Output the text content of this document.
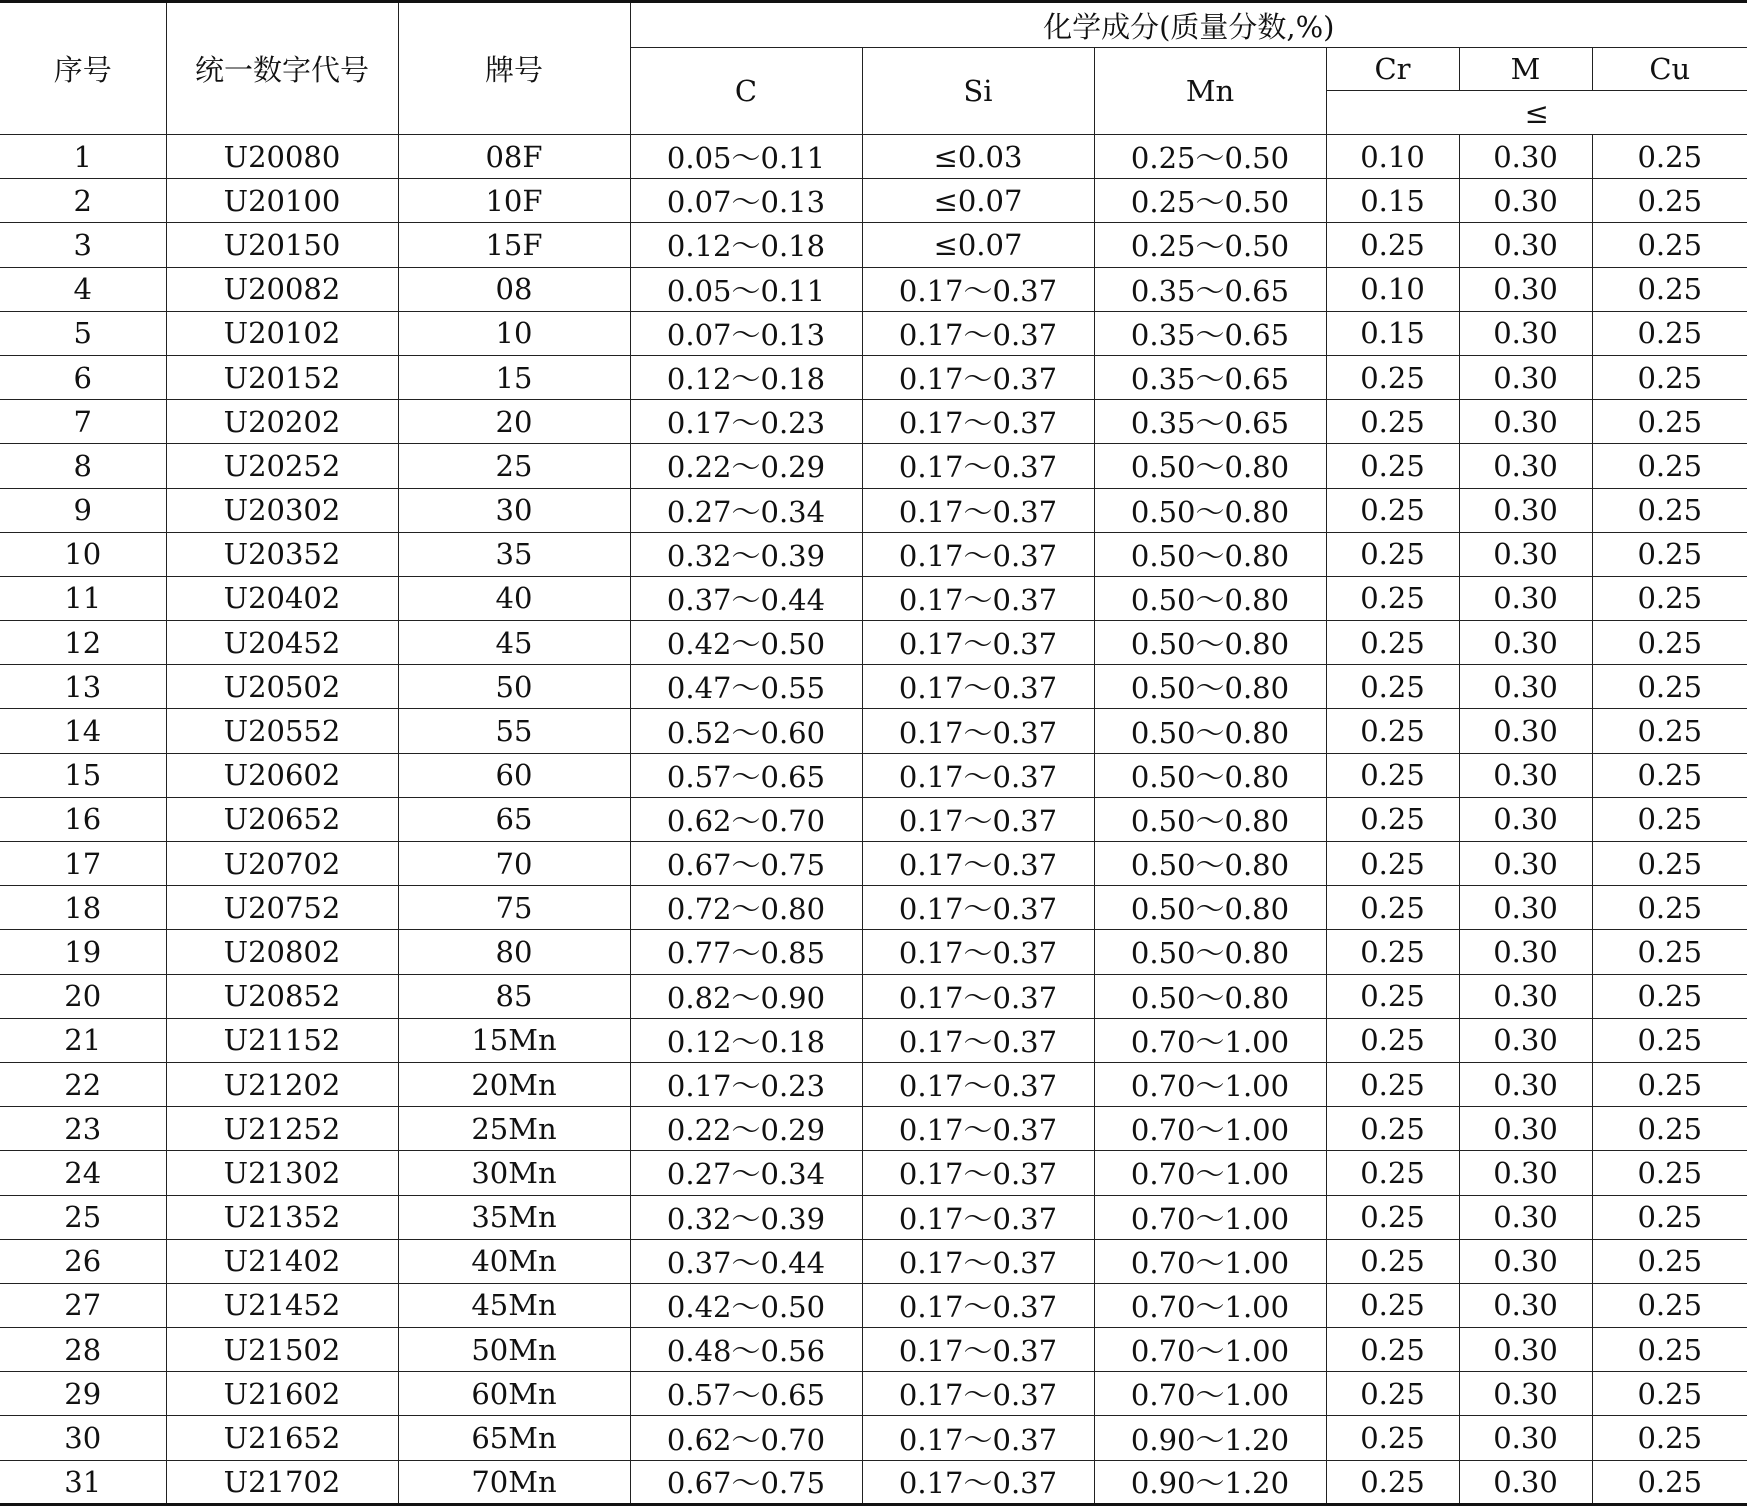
序号	统一数字代号	牌号	化学成分(质量分数,%)					
			C	Si	Mn	Cr	M	Cu
						≤		
1	U20080	08F	0.05～0.11	≤0.03	0.25～0.50	0.10	0.30	0.25
2	U20100	10F	0.07～0.13	≤0.07	0.25～0.50	0.15	0.30	0.25
3	U20150	15F	0.12～0.18	≤0.07	0.25～0.50	0.25	0.30	0.25
4	U20082	08	0.05～0.11	0.17～0.37	0.35～0.65	0.10	0.30	0.25
5	U20102	10	0.07～0.13	0.17～0.37	0.35～0.65	0.15	0.30	0.25
6	U20152	15	0.12～0.18	0.17～0.37	0.35～0.65	0.25	0.30	0.25
7	U20202	20	0.17～0.23	0.17～0.37	0.35～0.65	0.25	0.30	0.25
8	U20252	25	0.22～0.29	0.17～0.37	0.50～0.80	0.25	0.30	0.25
9	U20302	30	0.27～0.34	0.17～0.37	0.50～0.80	0.25	0.30	0.25
10	U20352	35	0.32～0.39	0.17～0.37	0.50～0.80	0.25	0.30	0.25
11	U20402	40	0.37～0.44	0.17～0.37	0.50～0.80	0.25	0.30	0.25
12	U20452	45	0.42～0.50	0.17～0.37	0.50～0.80	0.25	0.30	0.25
13	U20502	50	0.47～0.55	0.17～0.37	0.50～0.80	0.25	0.30	0.25
14	U20552	55	0.52～0.60	0.17～0.37	0.50～0.80	0.25	0.30	0.25
15	U20602	60	0.57～0.65	0.17～0.37	0.50～0.80	0.25	0.30	0.25
16	U20652	65	0.62～0.70	0.17～0.37	0.50～0.80	0.25	0.30	0.25
17	U20702	70	0.67～0.75	0.17～0.37	0.50～0.80	0.25	0.30	0.25
18	U20752	75	0.72～0.80	0.17～0.37	0.50～0.80	0.25	0.30	0.25
19	U20802	80	0.77～0.85	0.17～0.37	0.50～0.80	0.25	0.30	0.25
20	U20852	85	0.82～0.90	0.17～0.37	0.50～0.80	0.25	0.30	0.25
21	U21152	15Mn	0.12～0.18	0.17～0.37	0.70～1.00	0.25	0.30	0.25
22	U21202	20Mn	0.17～0.23	0.17～0.37	0.70～1.00	0.25	0.30	0.25
23	U21252	25Mn	0.22～0.29	0.17～0.37	0.70～1.00	0.25	0.30	0.25
24	U21302	30Mn	0.27～0.34	0.17～0.37	0.70～1.00	0.25	0.30	0.25
25	U21352	35Mn	0.32～0.39	0.17～0.37	0.70～1.00	0.25	0.30	0.25
26	U21402	40Mn	0.37～0.44	0.17～0.37	0.70～1.00	0.25	0.30	0.25
27	U21452	45Mn	0.42～0.50	0.17～0.37	0.70～1.00	0.25	0.30	0.25
28	U21502	50Mn	0.48～0.56	0.17～0.37	0.70～1.00	0.25	0.30	0.25
29	U21602	60Mn	0.57～0.65	0.17～0.37	0.70～1.00	0.25	0.30	0.25
30	U21652	65Mn	0.62～0.70	0.17～0.37	0.90～1.20	0.25	0.30	0.25
31	U21702	70Mn	0.67～0.75	0.17～0.37	0.90～1.20	0.25	0.30	0.25
